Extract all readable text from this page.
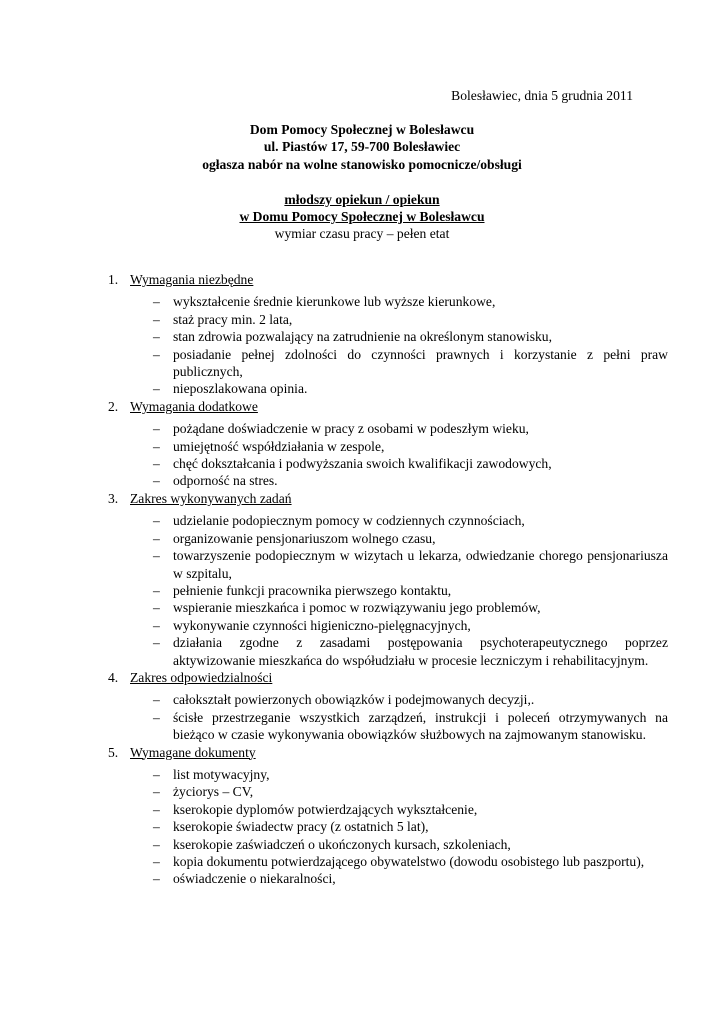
Bolesławiec, dnia 5 grudnia 2011
Dom Pomocy Społecznej w Bolesławcu
ul. Piastów 17, 59-700 Bolesławiec
ogłasza nabór na wolne stanowisko pomocnicze/obsługi
młodszy opiekun / opiekun
w Domu Pomocy Społecznej w Bolesławcu
wymiar czasu pracy – pełen etat
1. Wymagania niezbędne
– wykształcenie średnie kierunkowe lub wyższe kierunkowe,
– staż pracy min. 2 lata,
– stan zdrowia pozwalający na zatrudnienie na określonym stanowisku,
– posiadanie pełnej zdolności do czynności prawnych i korzystanie z pełni praw publicznych,
– nieposzlakowana opinia.
2. Wymagania dodatkowe
– pożądane doświadczenie w pracy z osobami w podeszłym wieku,
– umiejętność współdziałania w zespole,
– chęć dokształcania i podwyższania swoich kwalifikacji zawodowych,
– odporność na stres.
3. Zakres wykonywanych zadań
– udzielanie podopiecznym pomocy w codziennych czynnościach,
– organizowanie pensjonariuszom wolnego czasu,
– towarzyszenie podopiecznym w wizytach u lekarza, odwiedzanie chorego pensjonariusza w szpitalu,
– pełnienie funkcji pracownika pierwszego kontaktu,
– wspieranie mieszkańca i pomoc w rozwiązywaniu jego problemów,
– wykonywanie czynności higieniczno-pielęgnacyjnych,
– działania zgodne z zasadami postępowania psychoterapeutycznego poprzez aktywizowanie mieszkańca do współudziału w procesie leczniczym i rehabilitacyjnym.
4. Zakres odpowiedzialności
– całokształt powierzonych obowiązków i podejmowanych decyzji,.
– ścisłe przestrzeganie wszystkich zarządzeń, instrukcji i poleceń otrzymywanych na bieżąco w czasie wykonywania obowiązków służbowych na zajmowanym stanowisku.
5. Wymagane dokumenty
– list motywacyjny,
– życiorys – CV,
– kserokopie dyplomów potwierdzających wykształcenie,
– kserokopie świadectw pracy (z ostatnich 5 lat),
– kserokopie zaświadczeń o ukończonych kursach, szkoleniach,
– kopia dokumentu potwierdzającego obywatelstwo (dowodu osobistego lub paszportu),
– oświadczenie o niekaralności,
